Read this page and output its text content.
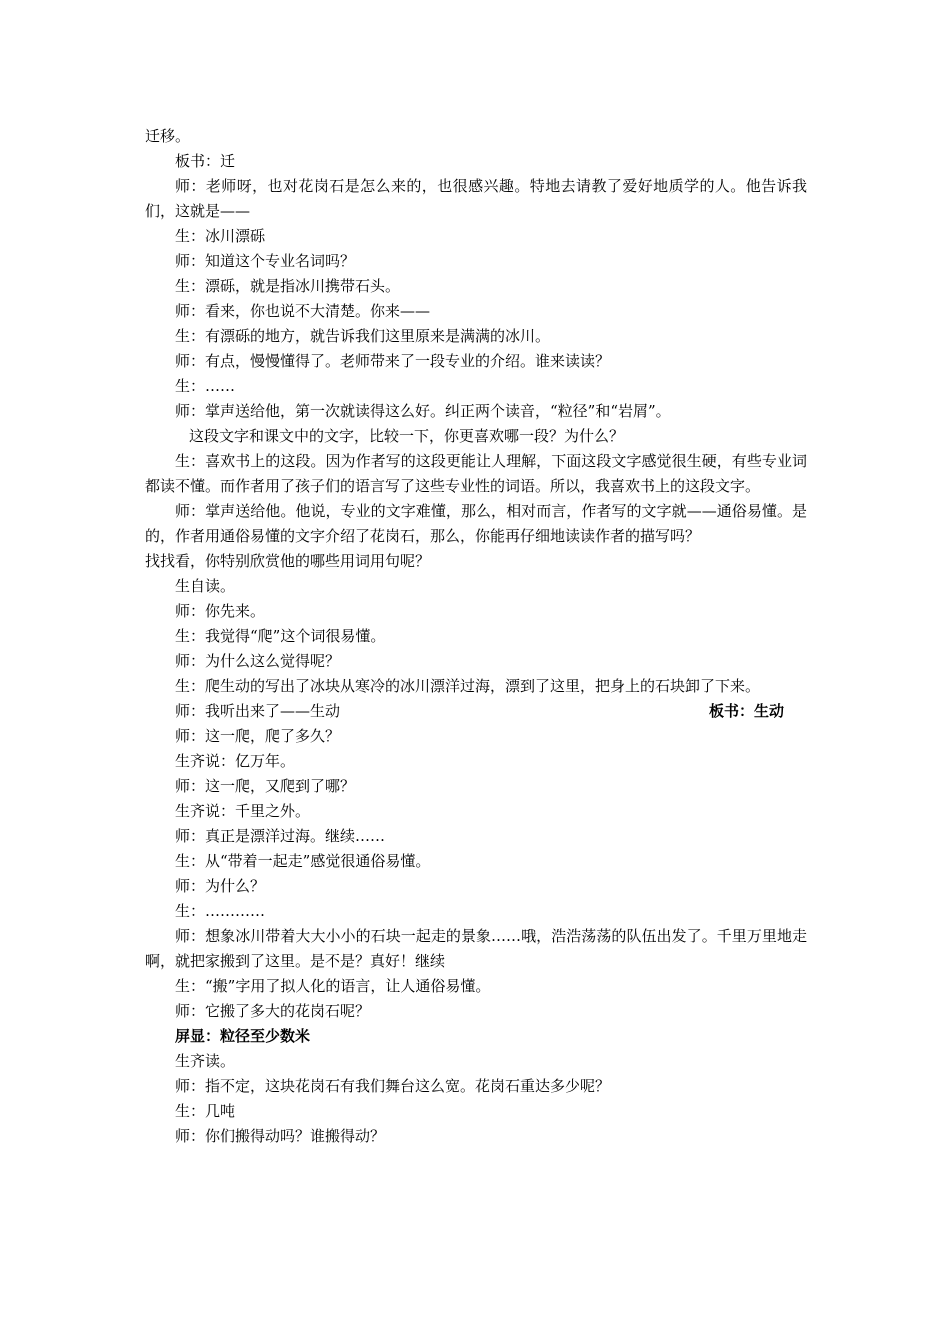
迁移。

板书：迁

师：老师呀，也对花岗石是怎么来的，也很感兴趣。特地去请教了爱好地质学的人。他告诉我们，这就是——

生：冰川漂砾

师：知道这个专业名词吗？

生：漂砾，就是指冰川携带石头。

师：看来，你也说不大清楚。你来——

生：有漂砾的地方，就告诉我们这里原来是满满的冰川。

师：有点，慢慢懂得了。老师带来了一段专业的介绍。谁来读读？

生：……

师：掌声送给他，第一次就读得这么好。纠正两个读音，“粒径”和“岩屑”。

这段文字和课文中的文字，比较一下，你更喜欢哪一段？为什么？

生：喜欢书上的这段。因为作者写的这段更能让人理解，下面这段文字感觉很生硬，有些专业词都读不懂。而作者用了孩子们的语言写了这些专业性的词语。所以，我喜欢书上的这段文字。

师：掌声送给他。他说，专业的文字难懂，那么，相对而言，作者写的文字就——通俗易懂。是的，作者用通俗易懂的文字介绍了花岗石，那么，你能再仔细地读读作者的描写吗？

找找看，你特别欣赏他的哪些用词用句呢？

生自读。

师：你先来。

生：我觉得“爬”这个词很易懂。

师：为什么这么觉得呢？

生：爬生动的写出了冰块从寒冷的冰川漂洋过海，漂到了这里，把身上的石块卸了下来。

师：我听出来了——生动	板书：生动

师：这一爬，爬了多久？

生齐说：亿万年。

师：这一爬，又爬到了哪？

生齐说：千里之外。

师：真正是漂洋过海。继续……

生：从“带着一起走”感觉很通俗易懂。

师：为什么？

生：…………

师：想象冰川带着大大小小的石块一起走的景象……哦，浩浩荡荡的队伍出发了。千里万里地走啊，就把家搬到了这里。是不是？真好！继续

生：“搬”字用了拟人化的语言，让人通俗易懂。

师：它搬了多大的花岗石呢？

屏显：粒径至少数米

生齐读。

师：指不定，这块花岗石有我们舞台这么宽。花岗石重达多少呢？

生：几吨

师：你们搬得动吗？谁搬得动？
